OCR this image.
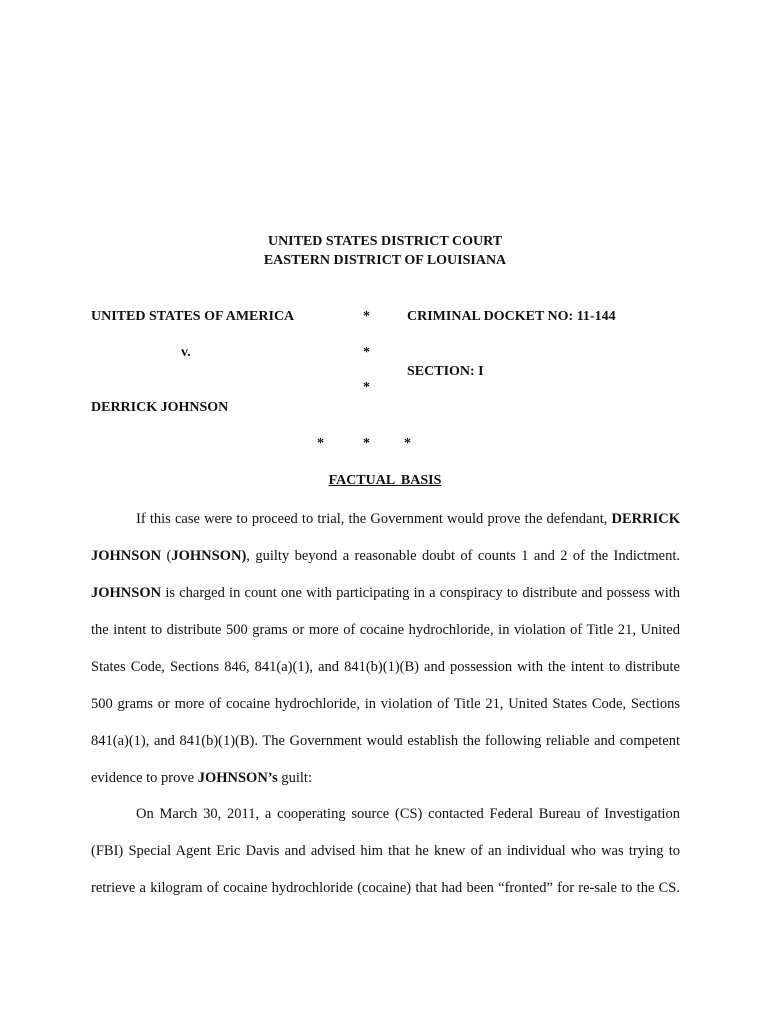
UNITED STATES DISTRICT COURT
EASTERN DISTRICT OF LOUISIANA
UNITED STATES OF AMERICA
v.
DERRICK JOHNSON
*
*
*
CRIMINAL DOCKET NO: 11-144
SECTION: I
*	* *
FACTUAL BASIS
If this case were to proceed to trial, the Government would prove the defendant, DERRICK
JOHNSON (JOHNSON), guilty beyond a reasonable doubt of counts 1 and 2 of the Indictment.
JOHNSON is charged in count one with participating in a conspiracy to distribute and possess with
the intent to distribute 500 grams or more of cocaine hydrochloride, in violation of Title 21, United
States Code, Sections 846, 841(a)(1), and 841(b)(1)(B) and possession with the intent to distribute
500 grams or more of cocaine hydrochloride, in violation of Title 21, United States Code, Sections
841(a)(1), and 841(b)(1)(B). The Government would establish the following reliable and competent
evidence to prove JOHNSON’s guilt:
On March 30, 2011, a cooperating source (CS) contacted Federal Bureau of Investigation
(FBI) Special Agent Eric Davis and advised him that he knew of an individual who was trying to
retrieve a kilogram of cocaine hydrochloride (cocaine) that had been “fronted” for re-sale to the CS.
